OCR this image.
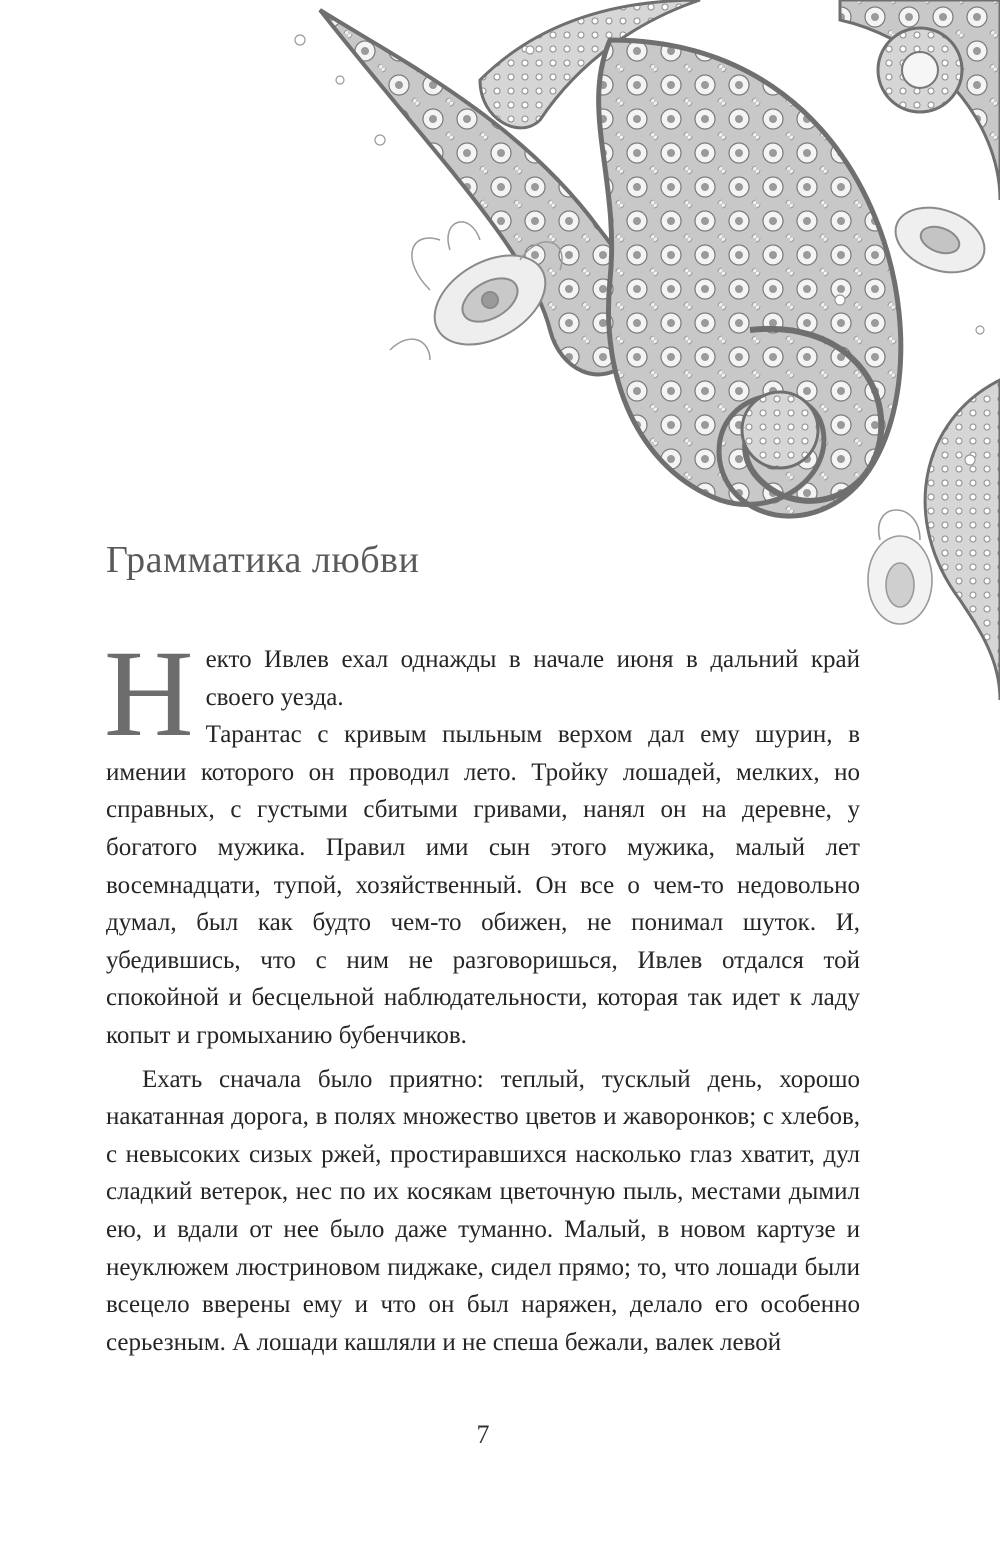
Грамматика любви

Некто Ивлев ехал однажды в начале июня в дальний край своего уезда.

Тарантас с кривым пыльным верхом дал ему шурин, в имении которого он проводил лето. Тройку лошадей, мелких, но справных, с густыми сбитыми гривами, нанял он на деревне, у богатого мужика. Правил ими сын этого мужика, малый лет восемнадцати, тупой, хозяйственный. Он все о чем-то недовольно думал, был как будто чем-то обижен, не понимал шуток. И, убедившись, что с ним не разговоришься, Ивлев отдался той спокойной и бесцельной наблюдательности, которая так идет к ладу копыт и громыханию бубенчиков.

Ехать сначала было приятно: теплый, тусклый день, хорошо накатанная дорога, в полях множество цветов и жаворонков; с хлебов, с невысоких сизых ржей, простиравшихся насколько глаз хватит, дул сладкий ветерок, нес по их косякам цветочную пыль, местами дымил ею, и вдали от нее было даже туманно. Малый, в новом картузе и неуклюжем люстриновом пиджаке, сидел прямо; то, что лошади были всецело вверены ему и что он был наряжен, делало его особенно серьезным. А лошади кашляли и не спеша бежали, валек левой

7
